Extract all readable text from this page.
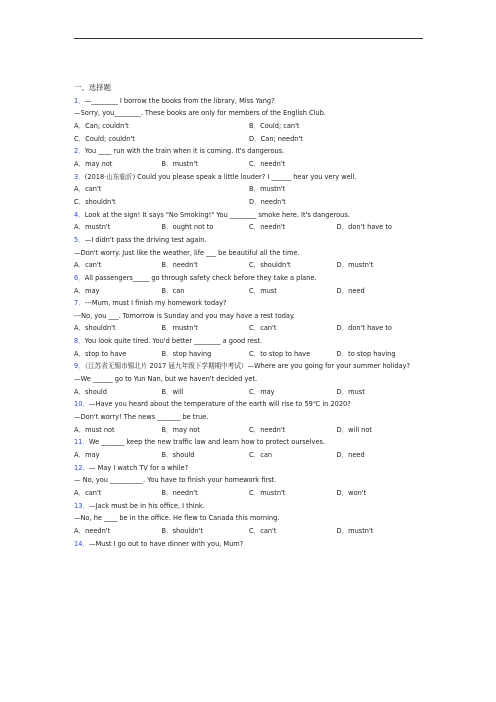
一、选择题
1．—________ I borrow the books from the library, Miss Yang?
—Sorry, you________. These books are only for members of the English Club.
A．Can; couldn't	B．Could; can't
C．Could; couldn't	D．Can; needn't
2．You ____ run with the train when it is coming. It's dangerous.
A．may not	B．mustn't	C．needn't
3．(2018·山东临沂) Could you please speak a little louder? I ______ hear you very well.
A．can't	B．mustn't
C．shouldn't	D．needn't
4．Look at the sign! It says "No Smoking!" You ________ smoke here. It's dangerous.
A．mustn't	B．ought not to	C．needn't	D．don't have to
5．—I didn't pass the driving test again.
—Don't worry. Just like the weather, life ___ be beautiful all the time.
A．can't	B．needn't	C．shouldn't	D．mustn't
6．All passengers_____ go through safety check before they take a plane.
A．may	B．can	C．must	D．need
7．---Mum, must I finish my homework today?
---No, you ___. Tomorrow is Sunday and you may have a rest today.
A．shouldn't	B．mustn't	C．can't	D．don't have to
8．You look quite tired. You'd better ________ a good rest.
A．stop to have	B．stop having	C．to stop to have	D．to stop having
9．（江苏省无锡市锡北片 2017 届九年级下学期期中考试）—Where are you going for your summer holiday?
—We ______ go to Yun Nan, but we haven't decided yet.
A．should	B．will	C．may	D．must
10．—Have you heard about the temperature of the earth will rise to 59℃ in 2020?
—Don't worry! The news _______ be true.
A．must not	B．may not	C．needn't	D．will not
11．We _______ keep the new traffic law and learn how to protect ourselves.
A．may	B．should	C．can	D．need
12．— May I watch TV for a while?
— No, you __________. You have to finish your homework first.
A．can't	B．needn't	C．mustn't	D．won't
13．—Jack must be in his office, I think.
—No, he ____ be in the office. He flew to Canada this morning.
A．needn't	B．shouldn't	C．can't	D．mustn't
14．—Must I go out to have dinner with you, Mum?
